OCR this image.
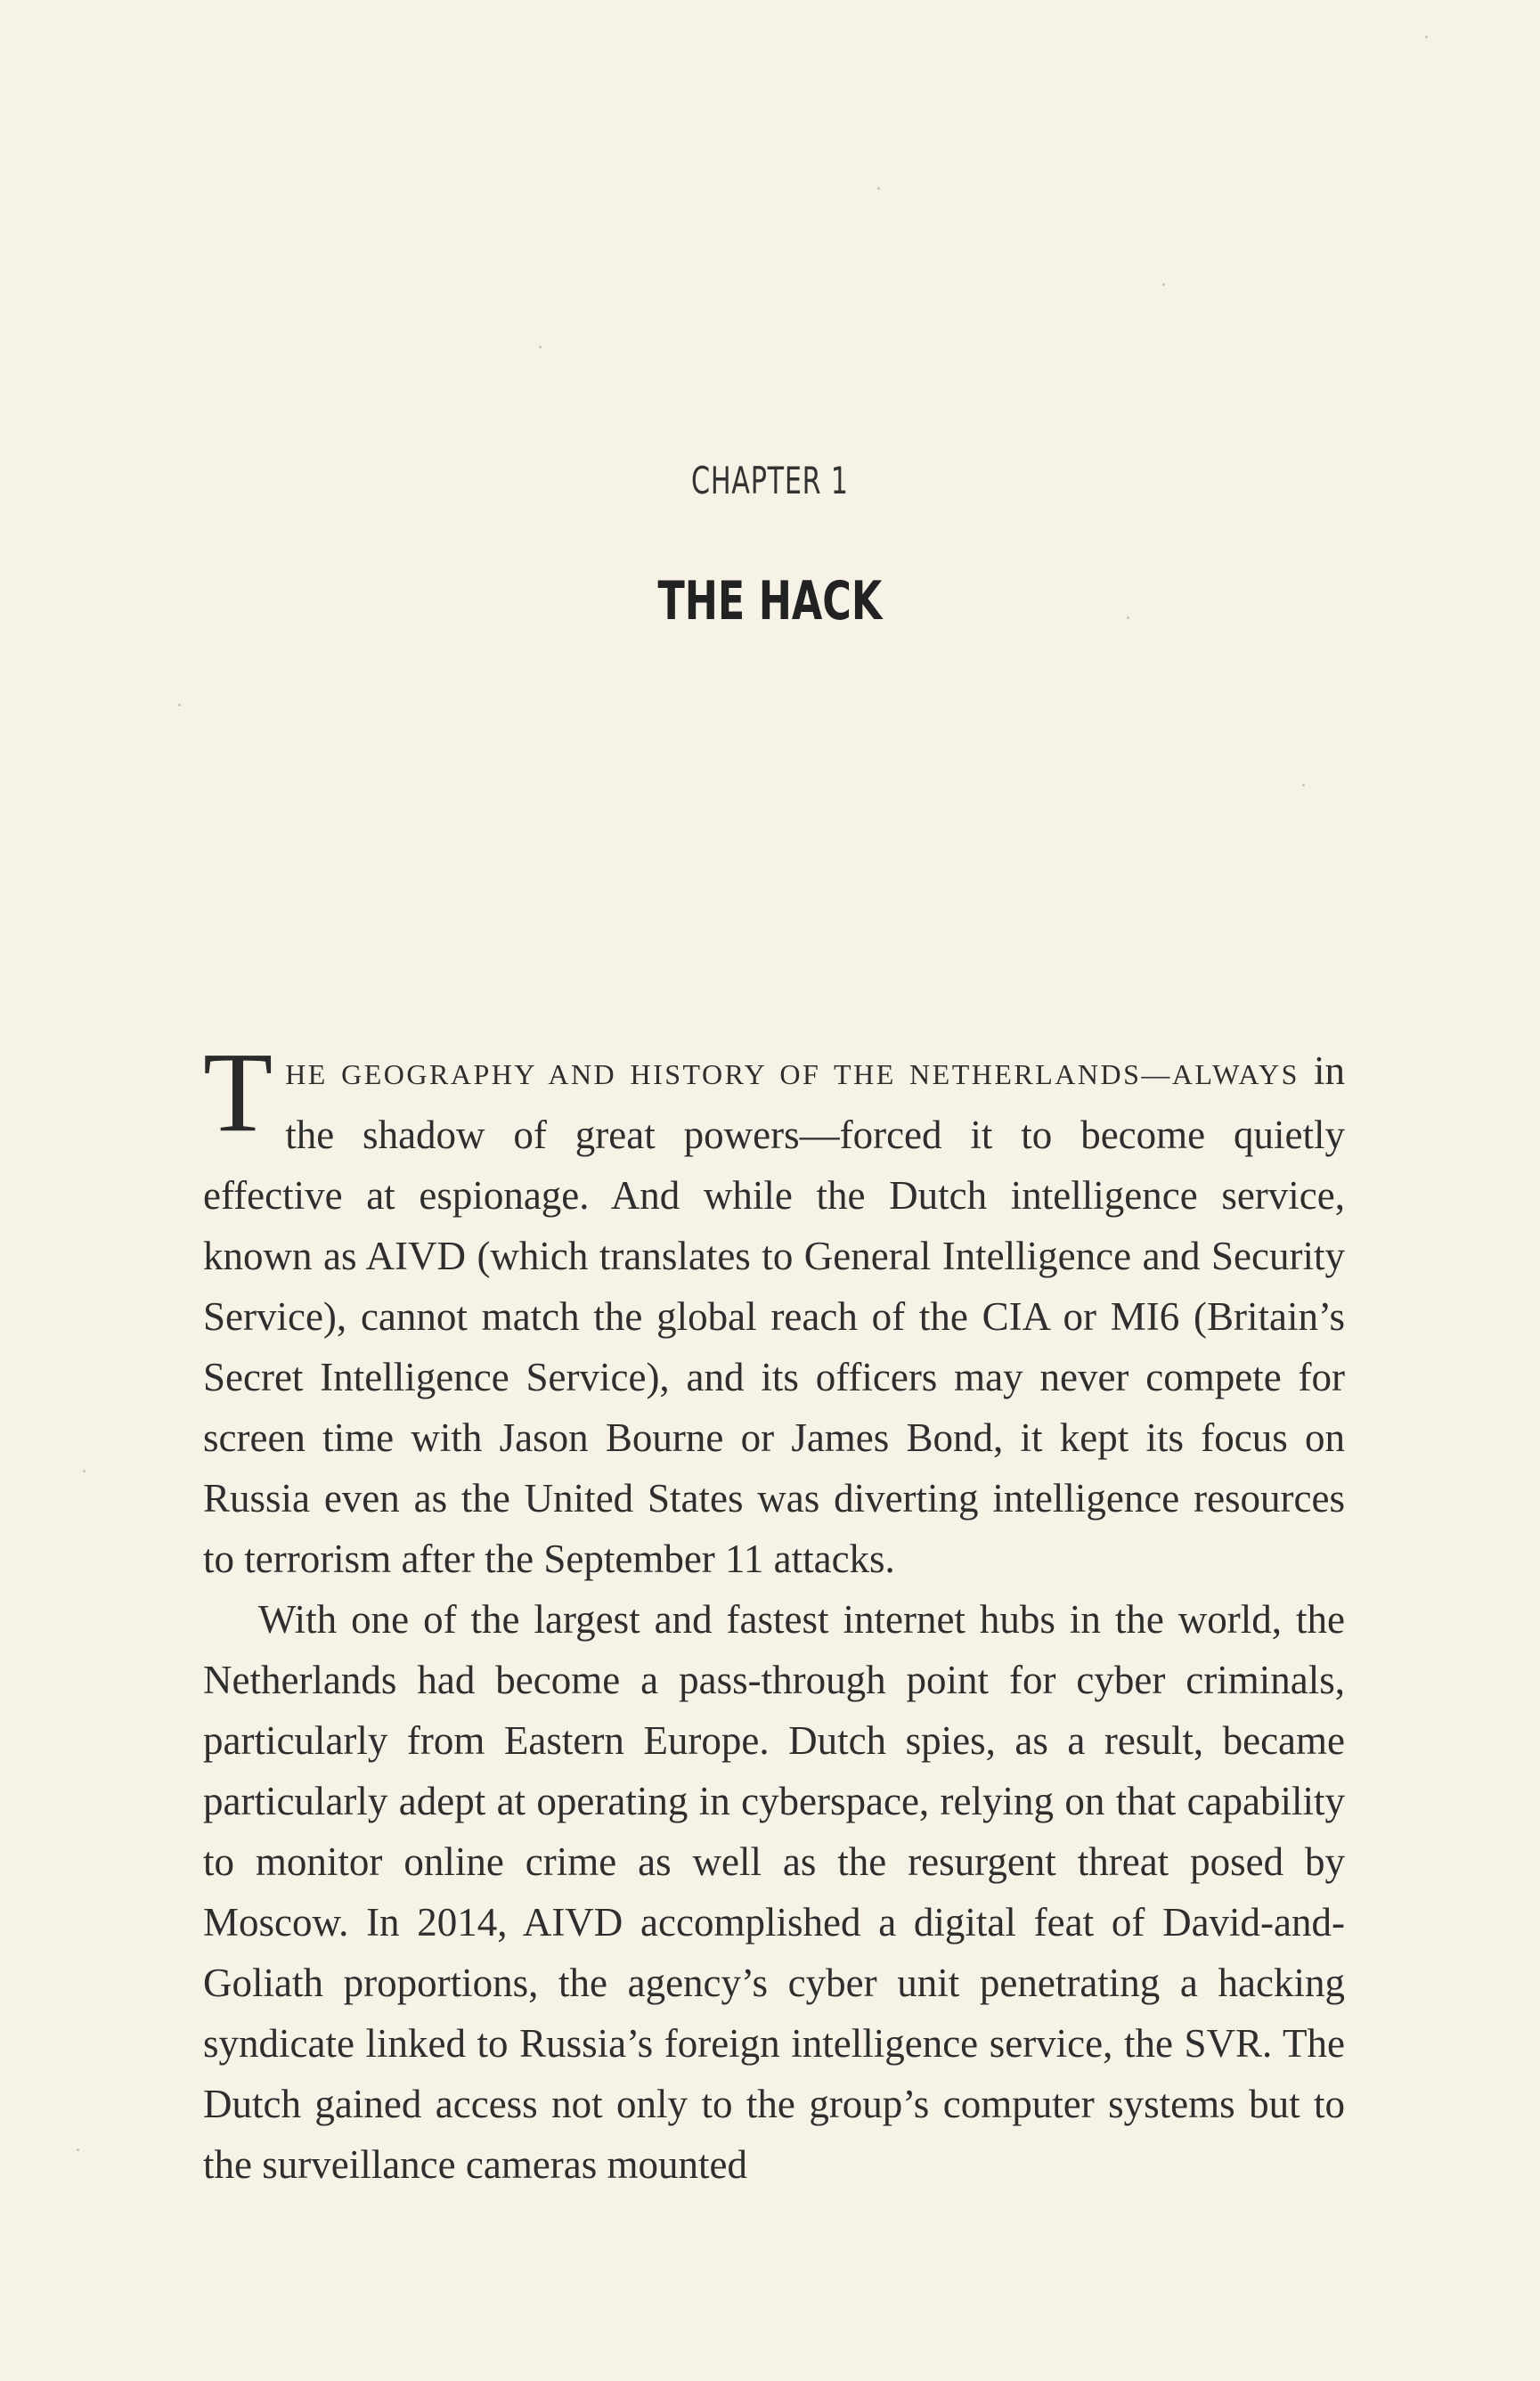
CHAPTER 1
THE HACK

THE GEOGRAPHY AND HISTORY OF THE NETHERLANDS—ALWAYS in the shadow of great powers—forced it to become quietly effective at espionage. And while the Dutch intelligence service, known as AIVD (which translates to General Intelligence and Security Service), cannot match the global reach of the CIA or MI6 (Britain’s Secret Intelligence Service), and its officers may never compete for screen time with Jason Bourne or James Bond, it kept its focus on Russia even as the United States was diverting intelligence resources to terrorism after the September 11 attacks.

With one of the largest and fastest internet hubs in the world, the Netherlands had become a pass-through point for cyber criminals, particularly from Eastern Europe. Dutch spies, as a result, became particularly adept at operating in cyberspace, relying on that capability to monitor online crime as well as the resurgent threat posed by Moscow. In 2014, AIVD accomplished a digital feat of David-and-Goliath proportions, the agency’s cyber unit penetrating a hacking syndicate linked to Russia’s foreign intelligence service, the SVR. The Dutch gained access not only to the group’s computer systems but to the surveillance cameras mounted
